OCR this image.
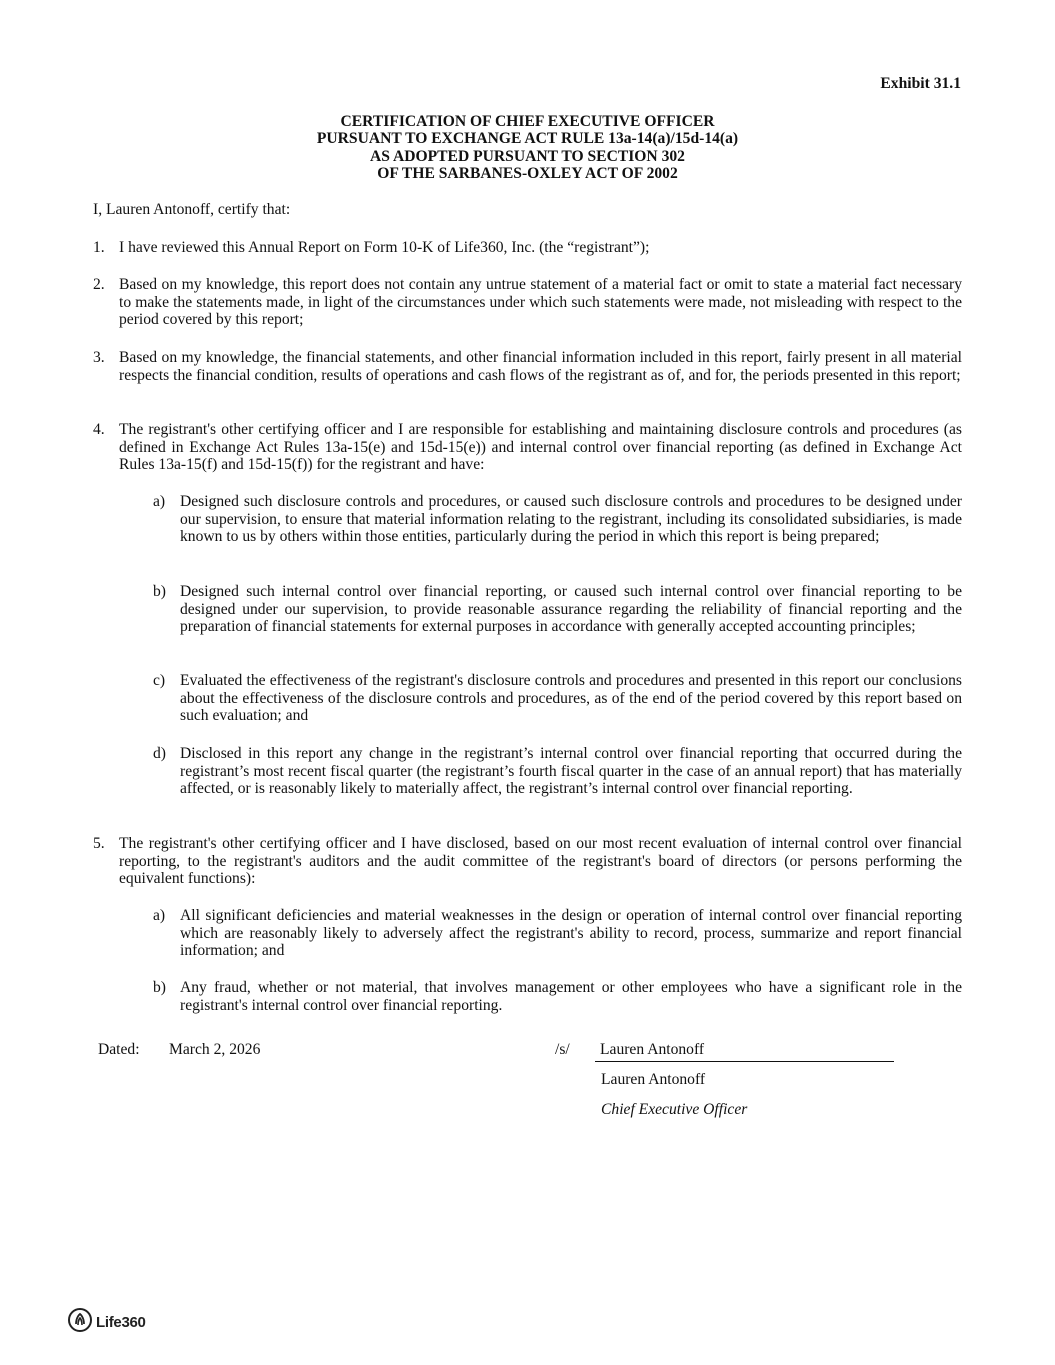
Exhibit 31.1
CERTIFICATION OF CHIEF EXECUTIVE OFFICER
PURSUANT TO EXCHANGE ACT RULE 13a-14(a)/15d-14(a)
AS ADOPTED PURSUANT TO SECTION 302
OF THE SARBANES-OXLEY ACT OF 2002
I, Lauren Antonoff, certify that:
1. I have reviewed this Annual Report on Form 10-K of Life360, Inc. (the “registrant”);
2. Based on my knowledge, this report does not contain any untrue statement of a material fact or omit to state a material fact necessary to make the statements made, in light of the circumstances under which such statements were made, not misleading with respect to the period covered by this report;
3. Based on my knowledge, the financial statements, and other financial information included in this report, fairly present in all material respects the financial condition, results of operations and cash flows of the registrant as of, and for, the periods presented in this report;
4. The registrant's other certifying officer and I are responsible for establishing and maintaining disclosure controls and procedures (as defined in Exchange Act Rules 13a-15(e) and 15d-15(e)) and internal control over financial reporting (as defined in Exchange Act Rules 13a-15(f) and 15d-15(f)) for the registrant and have:
a) Designed such disclosure controls and procedures, or caused such disclosure controls and procedures to be designed under our supervision, to ensure that material information relating to the registrant, including its consolidated subsidiaries, is made known to us by others within those entities, particularly during the period in which this report is being prepared;
b) Designed such internal control over financial reporting, or caused such internal control over financial reporting to be designed under our supervision, to provide reasonable assurance regarding the reliability of financial reporting and the preparation of financial statements for external purposes in accordance with generally accepted accounting principles;
c) Evaluated the effectiveness of the registrant's disclosure controls and procedures and presented in this report our conclusions about the effectiveness of the disclosure controls and procedures, as of the end of the period covered by this report based on such evaluation; and
d) Disclosed in this report any change in the registrant’s internal control over financial reporting that occurred during the registrant’s most recent fiscal quarter (the registrant’s fourth fiscal quarter in the case of an annual report) that has materially affected, or is reasonably likely to materially affect, the registrant’s internal control over financial reporting.
5. The registrant's other certifying officer and I have disclosed, based on our most recent evaluation of internal control over financial reporting, to the registrant's auditors and the audit committee of the registrant's board of directors (or persons performing the equivalent functions):
a) All significant deficiencies and material weaknesses in the design or operation of internal control over financial reporting which are reasonably likely to adversely affect the registrant's ability to record, process, summarize and report financial information; and
b) Any fraud, whether or not material, that involves management or other employees who have a significant role in the registrant's internal control over financial reporting.
Dated: March 2, 2026	/s/	Lauren Antonoff
Lauren Antonoff
Chief Executive Officer
Life360
